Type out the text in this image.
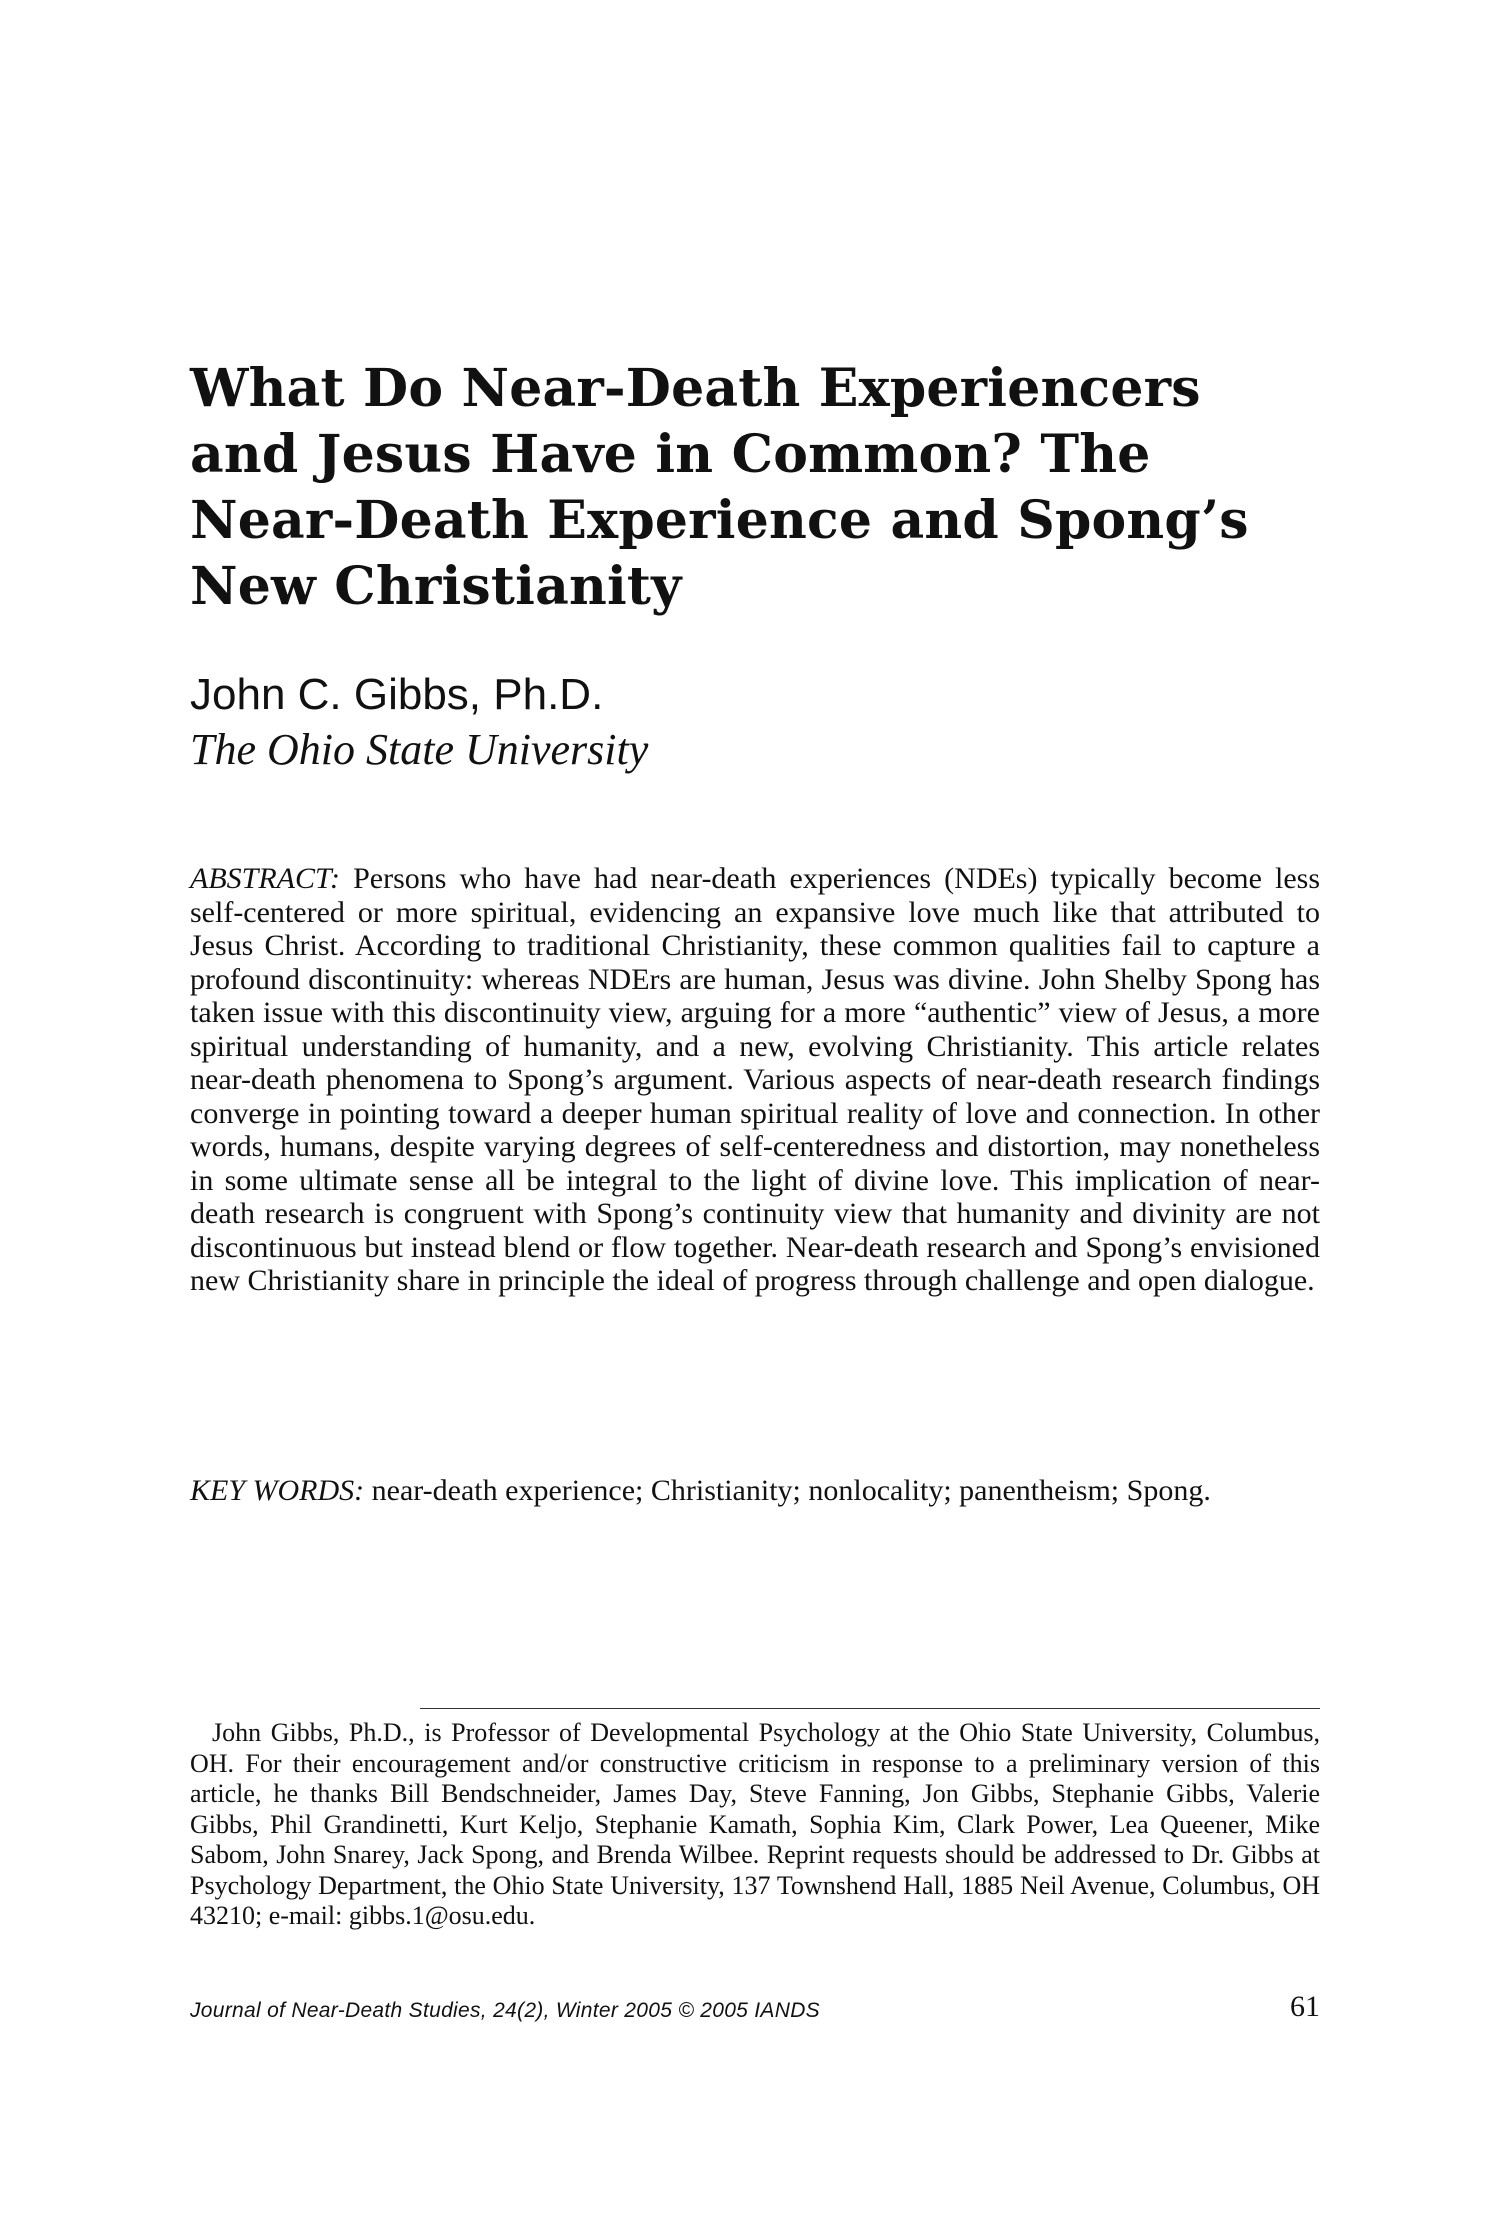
What Do Near-Death Experiencers
and Jesus Have in Common? The
Near-Death Experience and Spong’s
New Christianity
John C. Gibbs, Ph.D.
The Ohio State University

ABSTRACT: Persons who have had near-death experiences (NDEs) typically become less self-centered or more spiritual, evidencing an expansive love much like that attributed to Jesus Christ. According to traditional Christianity, these common qualities fail to capture a profound discontinuity: whereas NDErs are human, Jesus was divine. John Shelby Spong has taken issue with this discontinuity view, arguing for a more “authentic” view of Jesus, a more spiritual understanding of humanity, and a new, evolving Christianity. This article relates near-death phenomena to Spong’s argument. Various aspects of near-death research findings converge in pointing toward a deeper human spiritual reality of love and connection. In other words, humans, despite varying degrees of self-centeredness and distortion, may nonetheless in some ultimate sense all be integral to the light of divine love. This implication of near-death research is congruent with Spong’s continuity view that humanity and divinity are not discontinuous but instead blend or flow together. Near-death research and Spong’s envisioned new Christianity share in principle the ideal of progress through challenge and open dialogue.

KEY WORDS: near-death experience; Christianity; nonlocality; panentheism; Spong.

John Gibbs, Ph.D., is Professor of Developmental Psychology at the Ohio State University, Columbus, OH. For their encouragement and/or constructive criticism in response to a preliminary version of this article, he thanks Bill Bendschneider, James Day, Steve Fanning, Jon Gibbs, Stephanie Gibbs, Valerie Gibbs, Phil Grandinetti, Kurt Keljo, Stephanie Kamath, Sophia Kim, Clark Power, Lea Queener, Mike Sabom, John Snarey, Jack Spong, and Brenda Wilbee. Reprint requests should be addressed to Dr. Gibbs at Psychology Department, the Ohio State University, 137 Townshend Hall, 1885 Neil Avenue, Columbus, OH 43210; e-mail: gibbs.1@osu.edu.

Journal of Near-Death Studies, 24(2), Winter 2005 © 2005 IANDS	61
